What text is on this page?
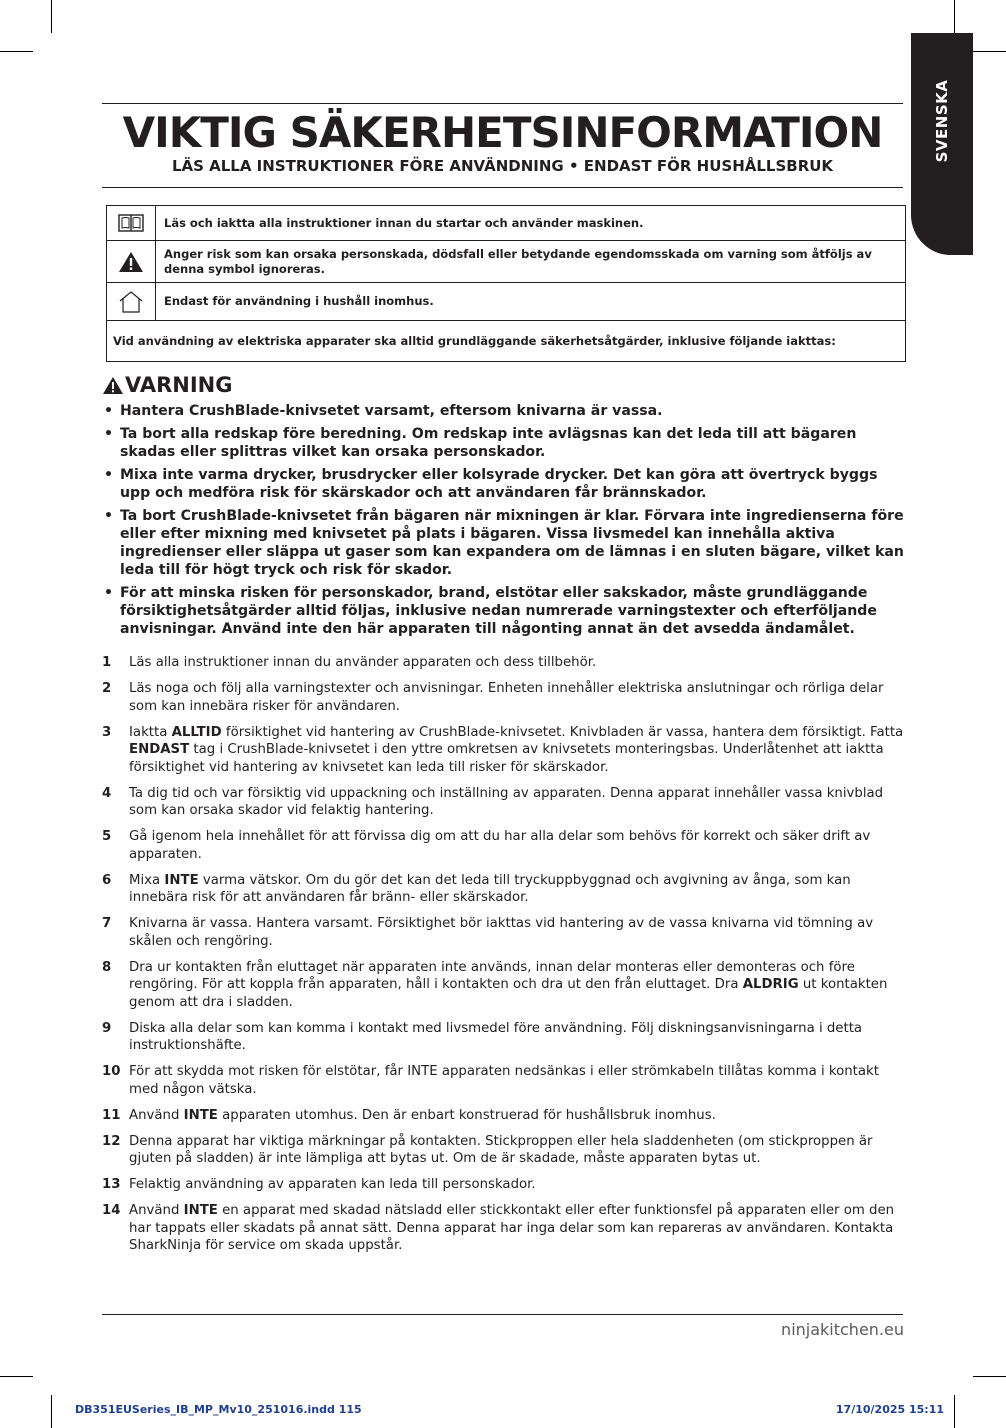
SVENSKA
VIKTIG SÄKERHETSINFORMATION
LÄS ALLA INSTRUKTIONER FÖRE ANVÄNDNING • ENDAST FÖR HUSHÅLLSBRUK
Läs och iaktta alla instruktioner innan du startar och använder maskinen.
Anger risk som kan orsaka personskada, dödsfall eller betydande egendomsskada om varning som åtföljs av denna symbol ignoreras.
Endast för användning i hushåll inomhus.
Vid användning av elektriska apparater ska alltid grundläggande säkerhetsåtgärder, inklusive följande iakttas:
VARNING
• Hantera CrushBlade-knivsetet varsamt, eftersom knivarna är vassa.
• Ta bort alla redskap före beredning. Om redskap inte avlägsnas kan det leda till att bägaren skadas eller splittras vilket kan orsaka personskador.
• Mixa inte varma drycker, brusdrycker eller kolsyrade drycker. Det kan göra att övertryck byggs upp och medföra risk för skärskador och att användaren får brännskador.
• Ta bort CrushBlade-knivsetet från bägaren när mixningen är klar. Förvara inte ingredienserna före eller efter mixning med knivsetet på plats i bägaren. Vissa livsmedel kan innehålla aktiva ingredienser eller släppa ut gaser som kan expandera om de lämnas i en sluten bägare, vilket kan leda till för högt tryck och risk för skador.
• För att minska risken för personskador, brand, elstötar eller sakskador, måste grundläggande försiktighetsåtgärder alltid följas, inklusive nedan numrerade varningstexter och efterföljande anvisningar. Använd inte den här apparaten till någonting annat än det avsedda ändamålet.
1 Läs alla instruktioner innan du använder apparaten och dess tillbehör.
2 Läs noga och följ alla varningstexter och anvisningar. Enheten innehåller elektriska anslutningar och rörliga delar som kan innebära risker för användaren.
3 Iaktta ALLTID försiktighet vid hantering av CrushBlade-knivsetet. Knivbladen är vassa, hantera dem försiktigt. Fatta ENDAST tag i CrushBlade-knivsetet i den yttre omkretsen av knivsetets monteringsbas. Underlåtenhet att iaktta försiktighet vid hantering av knivsetet kan leda till risker för skärskador.
4 Ta dig tid och var försiktig vid uppackning och inställning av apparaten. Denna apparat innehåller vassa knivblad som kan orsaka skador vid felaktig hantering.
5 Gå igenom hela innehållet för att förvissa dig om att du har alla delar som behövs för korrekt och säker drift av apparaten.
6 Mixa INTE varma vätskor. Om du gör det kan det leda till tryckuppbyggnad och avgivning av ånga, som kan innebära risk för att användaren får bränn- eller skärskador.
7 Knivarna är vassa. Hantera varsamt. Försiktighet bör iakttas vid hantering av de vassa knivarna vid tömning av skålen och rengöring.
8 Dra ur kontakten från eluttaget när apparaten inte används, innan delar monteras eller demonteras och före rengöring. För att koppla från apparaten, håll i kontakten och dra ut den från eluttaget. Dra ALDRIG ut kontakten genom att dra i sladden.
9 Diska alla delar som kan komma i kontakt med livsmedel före användning. Följ diskningsanvisningarna i detta instruktionshäfte.
10 För att skydda mot risken för elstötar, får INTE apparaten nedsänkas i eller strömkabeln tillåtas komma i kontakt med någon vätska.
11 Använd INTE apparaten utomhus. Den är enbart konstruerad för hushållsbruk inomhus.
12 Denna apparat har viktiga märkningar på kontakten. Stickproppen eller hela sladdenheten (om stickproppen är gjuten på sladden) är inte lämpliga att bytas ut. Om de är skadade, måste apparaten bytas ut.
13 Felaktig användning av apparaten kan leda till personskador.
14 Använd INTE en apparat med skadad nätsladd eller stickkontakt eller efter funktionsfel på apparaten eller om den har tappats eller skadats på annat sätt. Denna apparat har inga delar som kan repareras av användaren. Kontakta SharkNinja för service om skada uppstår.
ninjakitchen.eu
DB351EUSeries_IB_MP_Mv10_251016.indd 115	17/10/2025 15:11
